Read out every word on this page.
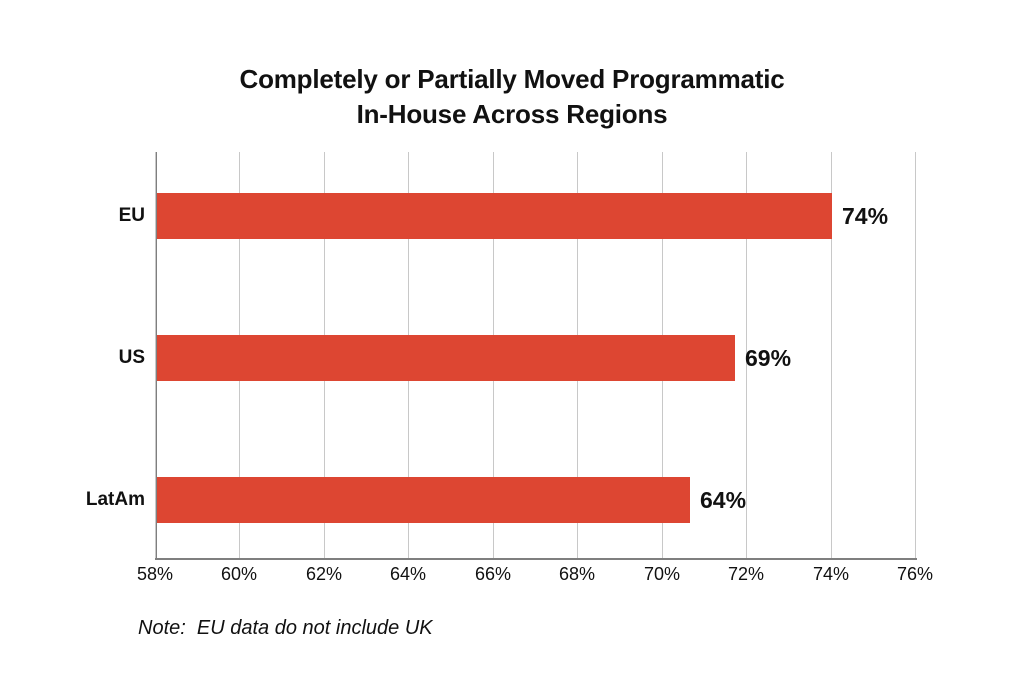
Completely or Partially Moved Programmatic
In-House Across Regions
EU	74%
US	69%
LatAm	64%
58%	60%	62%	64%	66%	68%	70%	72%	74%	76%
Note:  EU data do not include UK
